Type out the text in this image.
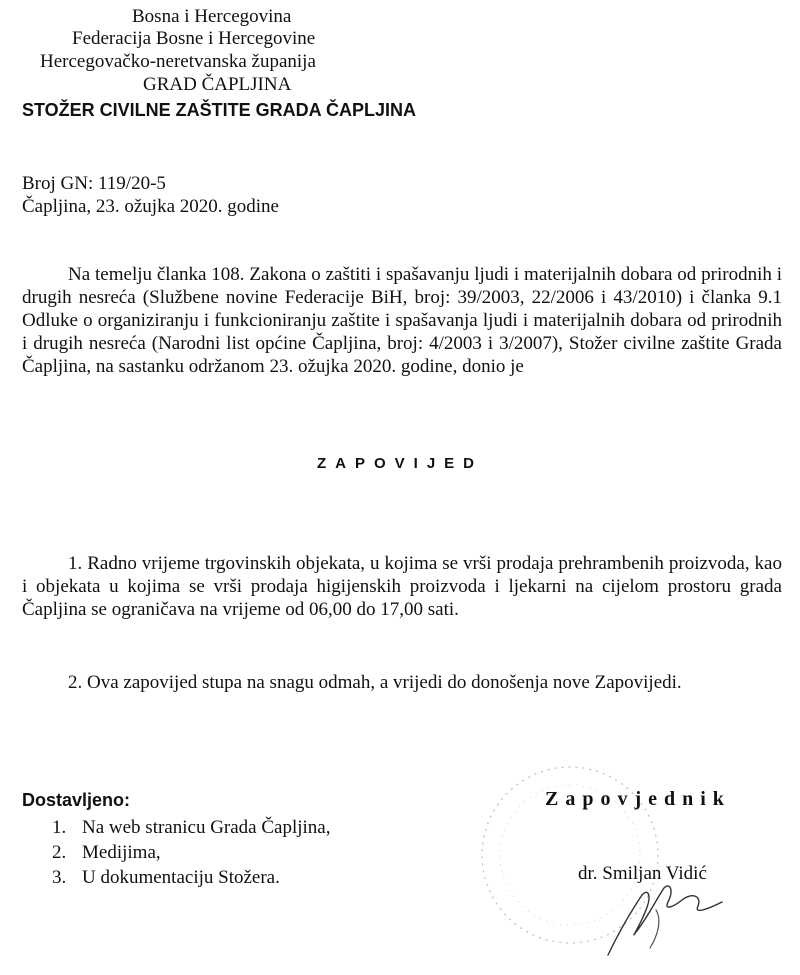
Bosna i Hercegovina
Federacija Bosne i Hercegovine
Hercegovačko-neretvanska županija
GRAD ČAPLJINA
STOŽER CIVILNE ZAŠTITE GRADA ČAPLJINA
Broj GN: 119/20-5
Čapljina, 23. ožujka 2020. godine
Na temelju članka 108. Zakona o zaštiti i spašavanju ljudi i materijalnih dobara od prirodnih i drugih nesreća (Službene novine Federacije BiH, broj: 39/2003, 22/2006 i 43/2010) i članka 9.1 Odluke o organiziranju i funkcioniranju zaštite i spašavanja ljudi i materijalnih dobara od prirodnih i drugih nesreća (Narodni list općine Čapljina, broj: 4/2003 i 3/2007), Stožer civilne zaštite Grada Čapljina, na sastanku održanom 23. ožujka 2020. godine, donio je
ZAPOVIJED
1. Radno vrijeme trgovinskih objekata, u kojima se vrši prodaja prehrambenih proizvoda, kao i objekata u kojima se vrši prodaja higijenskih proizvoda i ljekarni na cijelom prostoru grada Čapljina se ograničava na vrijeme od 06,00 do 17,00 sati.
2. Ova zapovijed stupa na snagu odmah, a vrijedi do donošenja nove Zapovijedi.
Dostavljeno:
1. Na web stranicu Grada Čapljina,
2. Medijima,
3. U dokumentaciju Stožera.
Zapovjednik
dr. Smiljan Vidić
